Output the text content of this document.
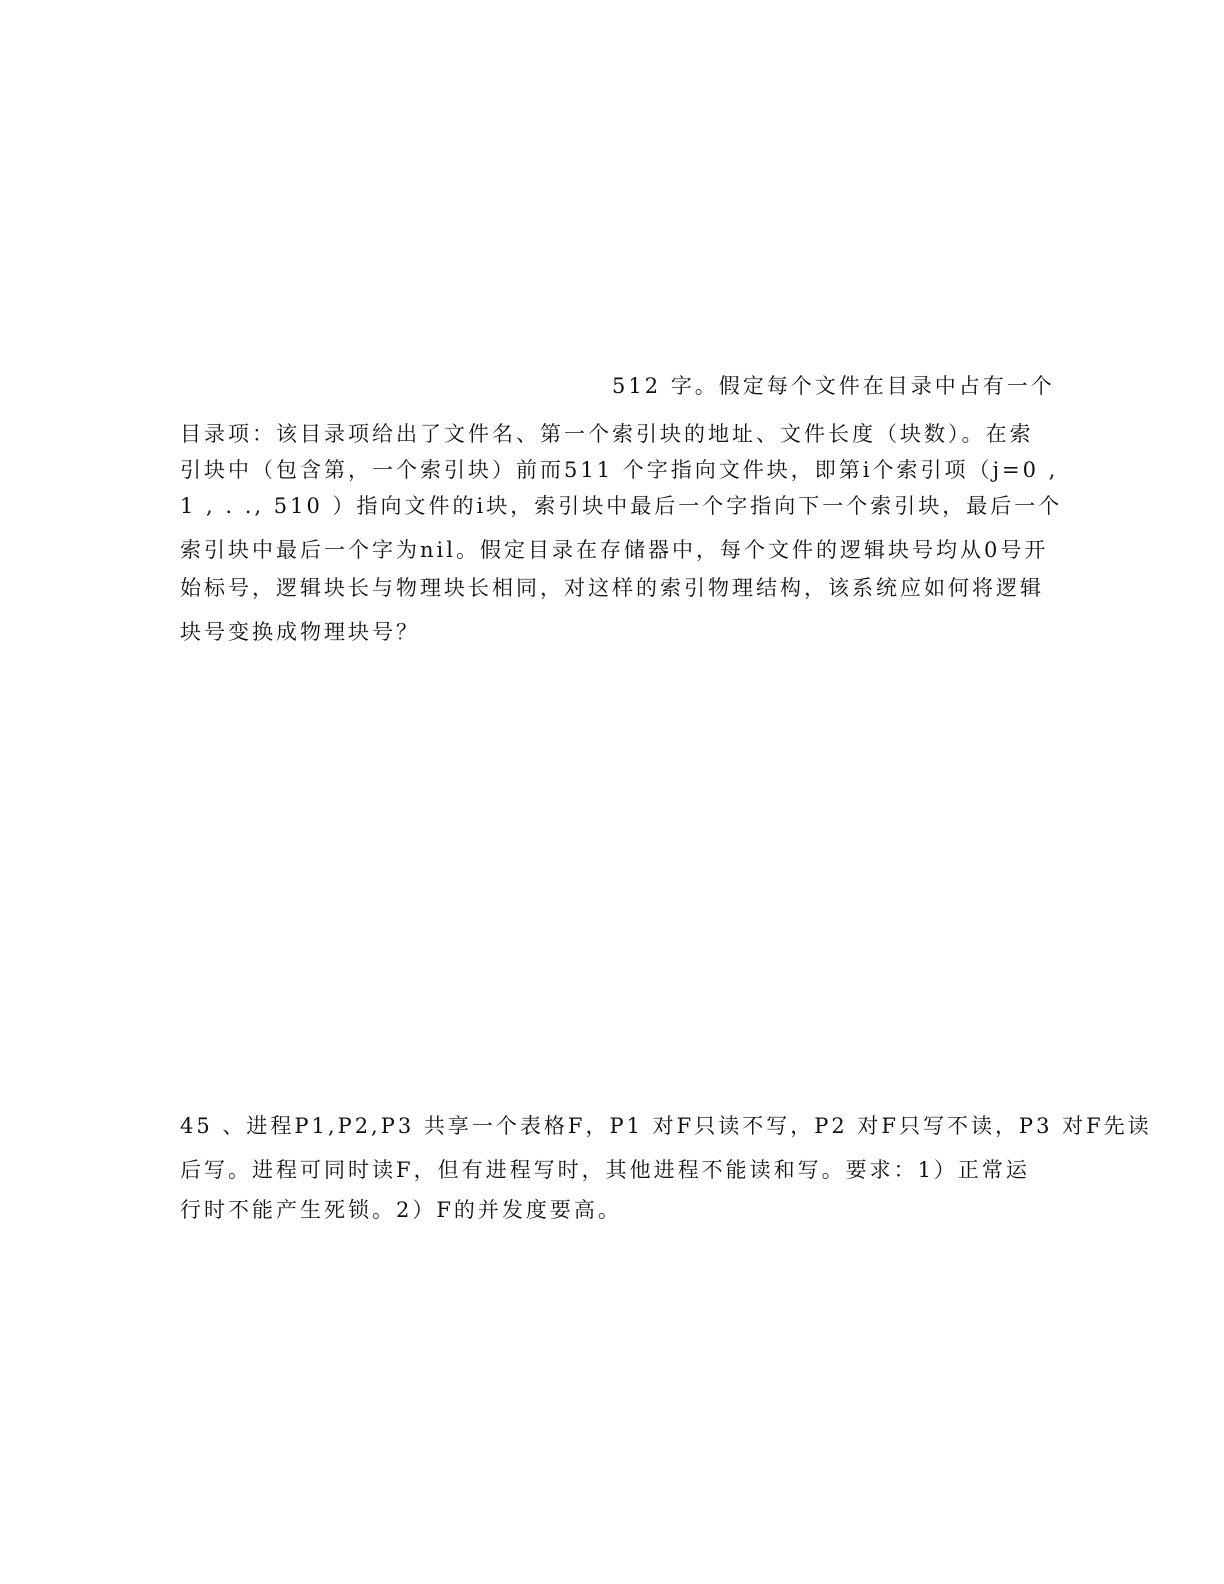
512 字。假定每个文件在目录中占有一个
目录项：该目录项给出了文件名、第一个索引块的地址、文件长度（块数）。在索
引块中（包含第，一个索引块）前而511 个字指向文件块，即第i个索引项（j=0 ,
1 , . ., 510 ）指向文件的i块，索引块中最后一个字指向下一个索引块，最后一个
索引块中最后一个字为nil。假定目录在存储器中，每个文件的逻辑块号均从0号开
始标号，逻辑块长与物理块长相同，对这样的索引物理结构，该系统应如何将逻辑
块号变换成物理块号？
45 、进程P1,P2,P3 共享一个表格F，P1 对F只读不写，P2 对F只写不读，P3 对F先读
后写。进程可同时读F，但有进程写时，其他进程不能读和写。要求：1）正常运
行时不能产生死锁。2）F的并发度要高。
